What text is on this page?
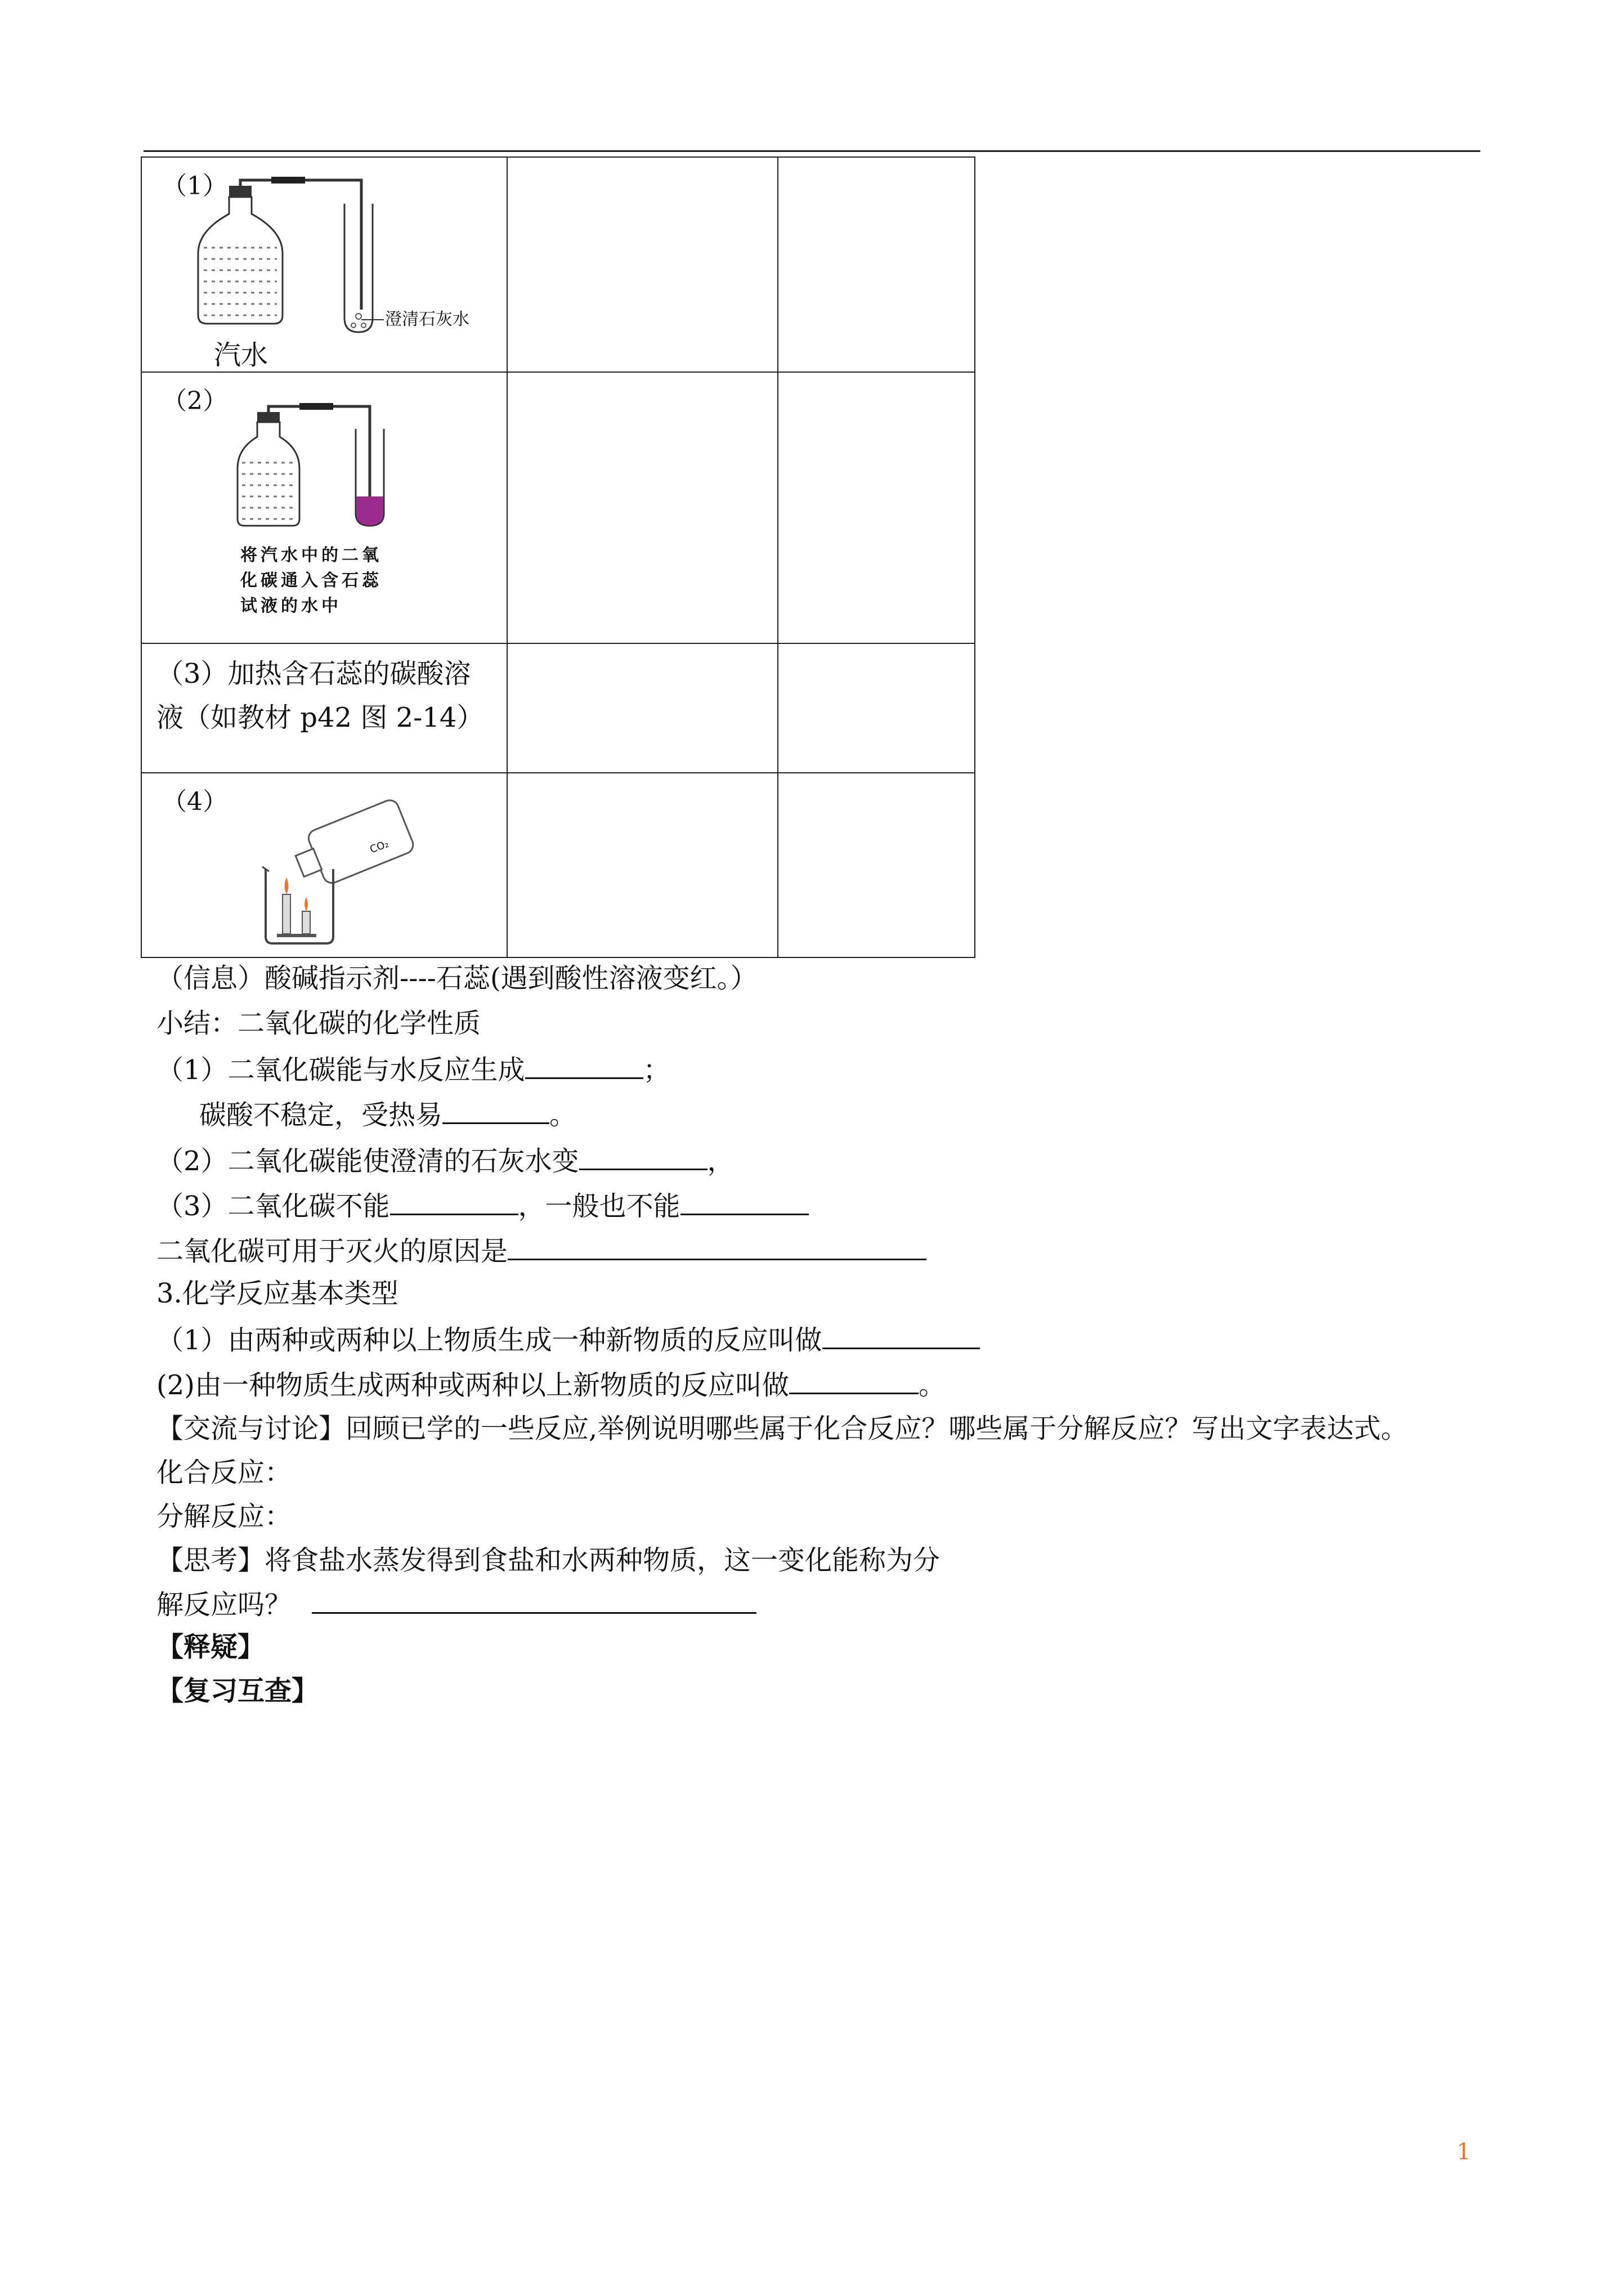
（1）
澄清石灰水
汽水		

（2）
将汽水中的二氧
化碳通入含石蕊
试液的水中		

（3）加热含石蕊的碳酸溶液（如教材 p42 图 2-14）		

（4）
CO₂		

（信息）酸碱指示剂----石蕊(遇到酸性溶液变红。）
小结：二氧化碳的化学性质
（1）二氧化碳能与水反应生成	；
碳酸不稳定，受热易	。
（2）二氧化碳能使澄清的石灰水变	，
（3）二氧化碳不能	，一般也不能
二氧化碳可用于灭火的原因是
3.化学反应基本类型
（1）由两种或两种以上物质生成一种新物质的反应叫做
(2)由一种物质生成两种或两种以上新物质的反应叫做	。
【交流与讨论】回顾已学的一些反应,举例说明哪些属于化合反应？哪些属于分解反应？写出文字表达式。
化合反应：
分解反应：
【思考】将食盐水蒸发得到食盐和水两种物质，这一变化能称为分
解反应吗？
【释疑】
【复习互查】
1
